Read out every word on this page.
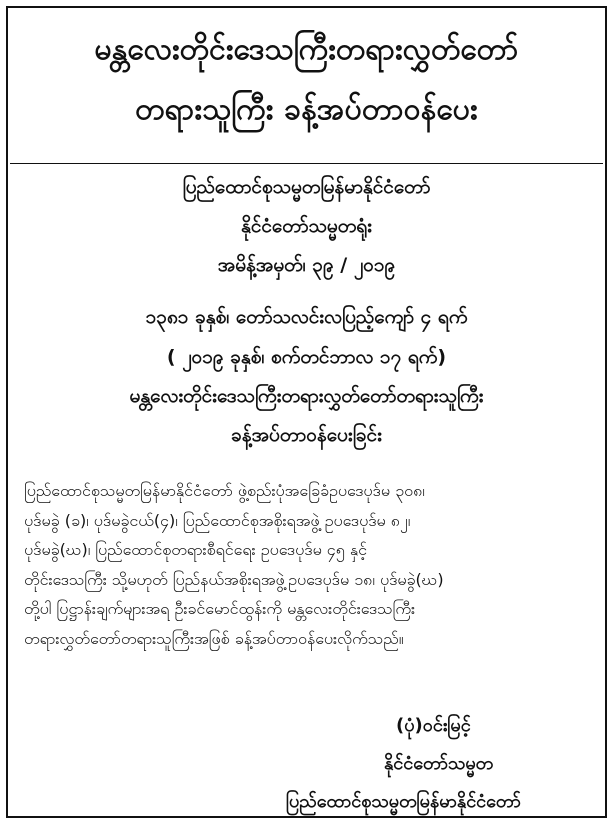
မန္တလေးတိုင်းဒေသကြီးတရားလွှတ်တော်
တရားသူကြီး ခန့်အပ်တာဝန်ပေး
ပြည်ထောင်စုသမ္မတမြန်မာနိုင်ငံတော်
နိုင်ငံတော်သမ္မတရုံး
အမိန့်အမှတ်၊ ၃၉ / ၂၀၁၉
၁၃၈၁ ခုနှစ်၊ တော်သလင်းလပြည့်ကျော် ၄ ရက်
( ၂၀၁၉ ခုနှစ်၊ စက်တင်ဘာလ ၁၇ ရက်)
မန္တလေးတိုင်းဒေသကြီးတရားလွှတ်တော်တရားသူကြီး
ခန့်အပ်တာဝန်ပေးခြင်း
ပြည်ထောင်စုသမ္မတမြန်မာနိုင်ငံတော် ဖွဲ့စည်းပုံအခြေခံဥပဒေပုဒ်မ ၃၀၈၊
ပုဒ်မခွဲ (ခ)၊ ပုဒ်မခွဲငယ်(၄)၊ ပြည်ထောင်စုအစိုးရအဖွဲ့ ဥပဒေပုဒ်မ ၈၂၊
ပုဒ်မခွဲ(ဃ)၊ ပြည်ထောင်စုတရားစီရင်ရေး ဥပဒေပုဒ်မ ၄၅ နှင့်
တိုင်းဒေသကြီး သို့မဟုတ် ပြည်နယ်အစိုးရအဖွဲ့ဥပဒေပုဒ်မ ၁၈၊ ပုဒ်မခွဲ(ဃ)
တို့ပါ ပြဋ္ဌာန်းချက်များအရ ဦးခင်မောင်ထွန်းကို မန္တလေးတိုင်းဒေသကြီး
တရားလွှတ်တော်တရားသူကြီးအဖြစ် ခန့်အပ်တာဝန်ပေးလိုက်သည်။
(ပုံ)ဝင်းမြင့်
နိုင်ငံတော်သမ္မတ
ပြည်ထောင်စုသမ္မတမြန်မာနိုင်ငံတော်
